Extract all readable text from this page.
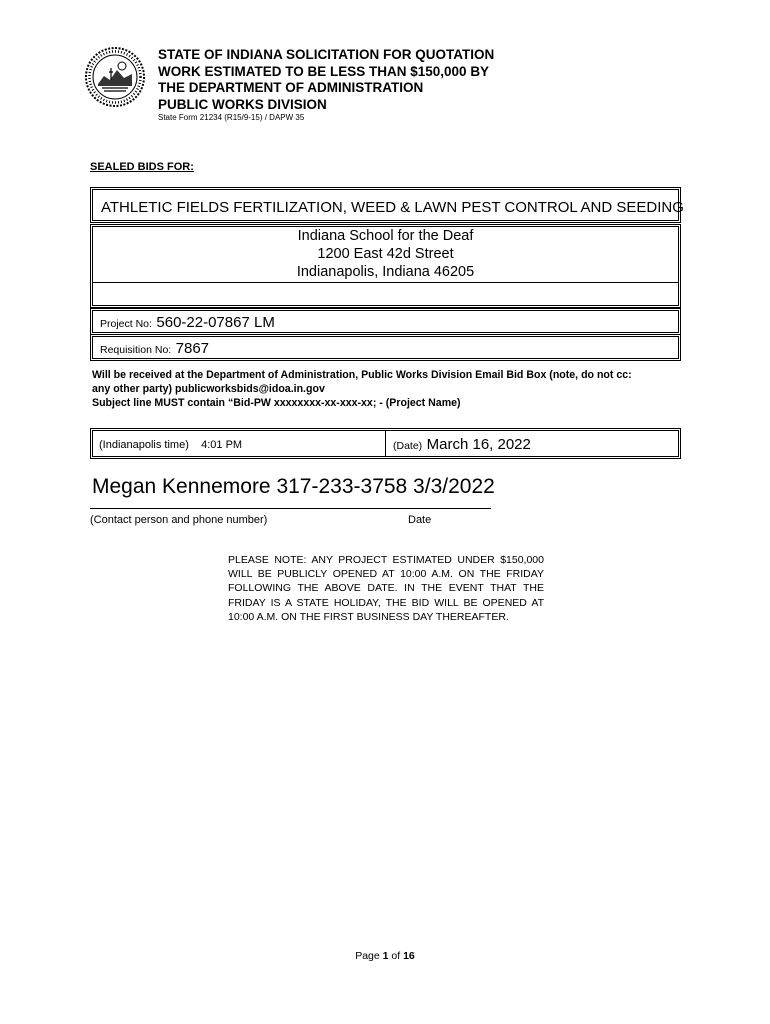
STATE OF INDIANA SOLICITATION FOR QUOTATION
WORK ESTIMATED TO BE LESS THAN $150,000 BY
THE DEPARTMENT OF ADMINISTRATION
PUBLIC WORKS DIVISION
State Form 21234 (R15/9-15) / DAPW 35
SEALED BIDS FOR:
ATHLETIC FIELDS FERTILIZATION, WEED & LAWN PEST CONTROL AND SEEDING
Indiana School for the Deaf
1200 East 42d Street
Indianapolis, Indiana 46205
Project No: 560-22-07867 LM
Requisition No: 7867
Will be received at the Department of Administration, Public Works Division Email Bid Box (note, do not cc:
any other party) publicworksbids@idoa.in.gov
Subject line MUST contain “Bid-PW xxxxxxxx-xx-xxx-xx; - (Project Name)
(Indianapolis time) 4:01 PM	(Date) March 16, 2022
Megan Kennemore 317-233-3758 3/3/2022
(Contact person and phone number)	Date
PLEASE NOTE: ANY PROJECT ESTIMATED UNDER $150,000 WILL BE PUBLICLY OPENED AT 10:00 A.M. ON THE FRIDAY FOLLOWING THE ABOVE DATE. IN THE EVENT THAT THE FRIDAY IS A STATE HOLIDAY, THE BID WILL BE OPENED AT 10:00 A.M. ON THE FIRST BUSINESS DAY THEREAFTER.
Page 1 of 16
